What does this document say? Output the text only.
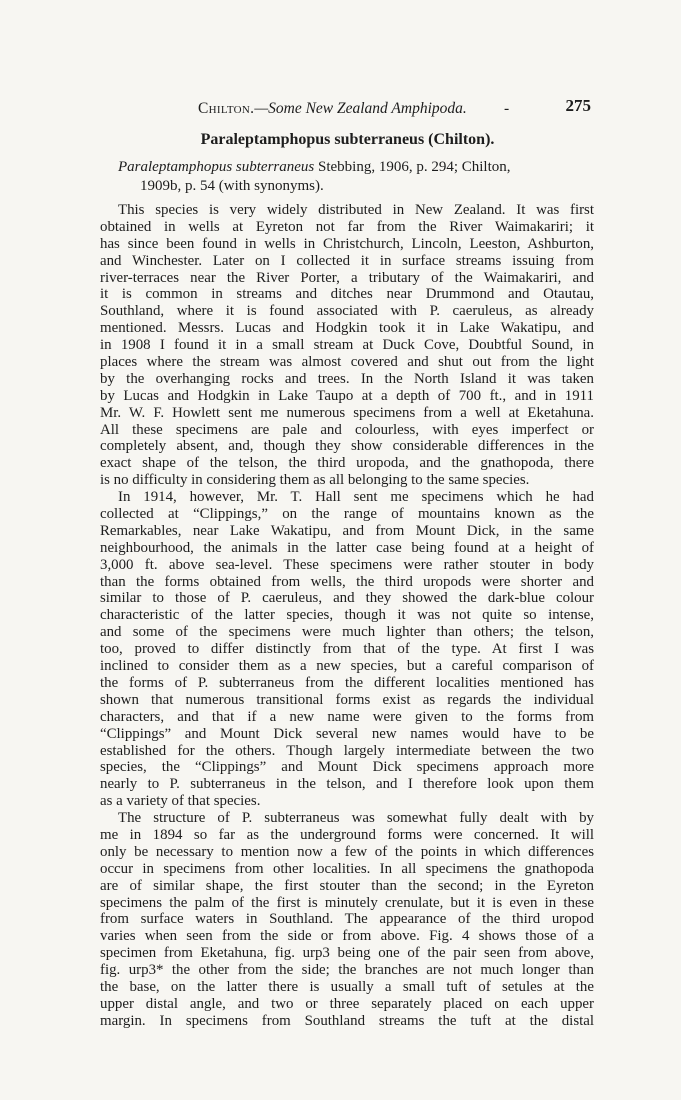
Chilton.—Some New Zealand Amphipoda. -	275
Paraleptamphopus subterraneus (Chilton).
Paraleptamphopus subterraneus Stebbing, 1906, p. 294; Chilton,
1909b, p. 54 (with synonyms).
This species is very widely distributed in New Zealand. It was first
obtained in wells at Eyreton not far from the River Waimakariri; it
has since been found in wells in Christchurch, Lincoln, Leeston, Ashburton,
and Winchester. Later on I collected it in surface streams issuing from
river-terraces near the River Porter, a tributary of the Waimakariri, and
it is common in streams and ditches near Drummond and Otautau,
Southland, where it is found associated with P. caeruleus, as already
mentioned. Messrs. Lucas and Hodgkin took it in Lake Wakatipu, and
in 1908 I found it in a small stream at Duck Cove, Doubtful Sound, in
places where the stream was almost covered and shut out from the light
by the overhanging rocks and trees. In the North Island it was taken
by Lucas and Hodgkin in Lake Taupo at a depth of 700 ft., and in 1911
Mr. W. F. Howlett sent me numerous specimens from a well at Eketahuna.
All these specimens are pale and colourless, with eyes imperfect or
completely absent, and, though they show considerable differences in the
exact shape of the telson, the third uropoda, and the gnathopoda, there
is no difficulty in considering them as all belonging to the same species.
In 1914, however, Mr. T. Hall sent me specimens which he had
collected at “Clippings,” on the range of mountains known as the
Remarkables, near Lake Wakatipu, and from Mount Dick, in the same
neighbourhood, the animals in the latter case being found at a height of
3,000 ft. above sea-level. These specimens were rather stouter in body
than the forms obtained from wells, the third uropods were shorter and
similar to those of P. caeruleus, and they showed the dark-blue colour
characteristic of the latter species, though it was not quite so intense,
and some of the specimens were much lighter than others; the telson,
too, proved to differ distinctly from that of the type. At first I was
inclined to consider them as a new species, but a careful comparison of
the forms of P. subterraneus from the different localities mentioned has
shown that numerous transitional forms exist as regards the individual
characters, and that if a new name were given to the forms from
“Clippings” and Mount Dick several new names would have to be
established for the others. Though largely intermediate between the two
species, the “Clippings” and Mount Dick specimens approach more
nearly to P. subterraneus in the telson, and I therefore look upon them
as a variety of that species.
The structure of P. subterraneus was somewhat fully dealt with by
me in 1894 so far as the underground forms were concerned. It will
only be necessary to mention now a few of the points in which differences
occur in specimens from other localities. In all specimens the gnathopoda
are of similar shape, the first stouter than the second; in the Eyreton
specimens the palm of the first is minutely crenulate, but it is even in these
from surface waters in Southland. The appearance of the third uropod
varies when seen from the side or from above. Fig. 4 shows those of a
specimen from Eketahuna, fig. urp3 being one of the pair seen from above,
fig. urp3* the other from the side; the branches are not much longer than
the base, on the latter there is usually a small tuft of setules at the
upper distal angle, and two or three separately placed on each upper
margin. In specimens from Southland streams the tuft at the distal
